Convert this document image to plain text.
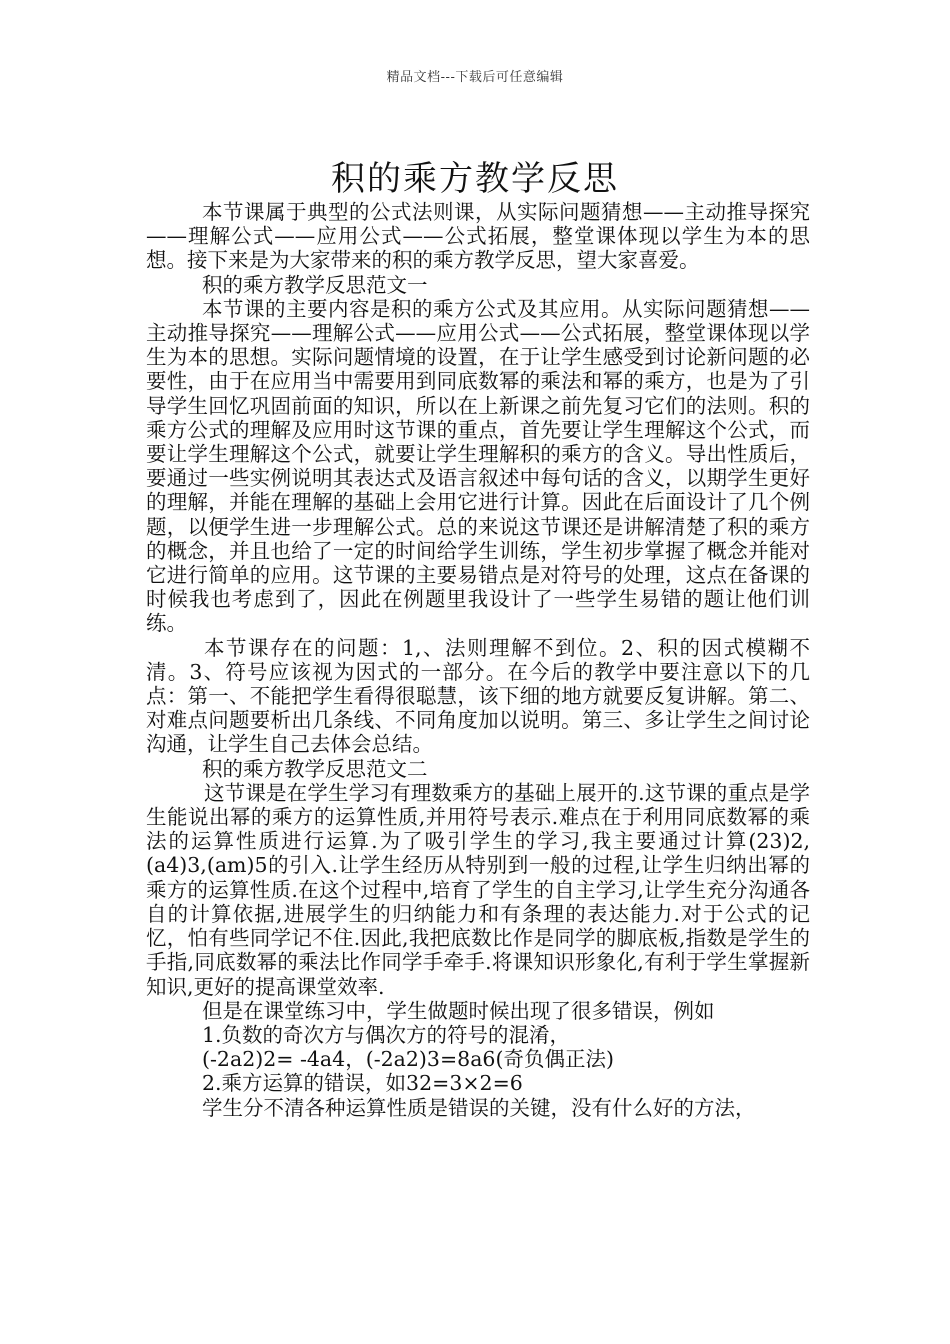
精品文档---下载后可任意编辑
积的乘方教学反思

本节课属于典型的公式法则课，从实际问题猜想——主动推导探究——理解公式——应用公式——公式拓展，整堂课体现以学生为本的思想。接下来是为大家带来的积的乘方教学反思，望大家喜爱。

积的乘方教学反思范文一

本节课的主要内容是积的乘方公式及其应用。从实际问题猜想——主动推导探究——理解公式——应用公式——公式拓展，整堂课体现以学生为本的思想。实际问题情境的设置，在于让学生感受到讨论新问题的必要性，由于在应用当中需要用到同底数幂的乘法和幂的乘方，也是为了引导学生回忆巩固前面的知识，所以在上新课之前先复习它们的法则。积的乘方公式的理解及应用时这节课的重点，首先要让学生理解这个公式，而要让学生理解这个公式，就要让学生理解积的乘方的含义。导出性质后，要通过一些实例说明其表达式及语言叙述中每句话的含义，以期学生更好的理解，并能在理解的基础上会用它进行计算。因此在后面设计了几个例题，以便学生进一步理解公式。总的来说这节课还是讲解清楚了积的乘方的概念，并且也给了一定的时间给学生训练，学生初步掌握了概念并能对它进行简单的应用。这节课的主要易错点是对符号的处理，这点在备课的时候我也考虑到了，因此在例题里我设计了一些学生易错的题让他们训练。

本节课存在的问题：1,、法则理解不到位。2、积的因式模糊不清。3、符号应该视为因式的一部分。在今后的教学中要注意以下的几点：第一、不能把学生看得很聪慧，该下细的地方就要反复讲解。第二、对难点问题要析出几条线、不同角度加以说明。第三、多让学生之间讨论沟通，让学生自己去体会总结。

积的乘方教学反思范文二

这节课是在学生学习有理数乘方的基础上展开的.这节课的重点是学生能说出幂的乘方的运算性质,并用符号表示.难点在于利用同底数幂的乘法的运算性质进行运算.为了吸引学生的学习,我主要通过计算(23)2,(a4)3,(am)5的引入.让学生经历从特别到一般的过程,让学生归纳出幂的乘方的运算性质.在这个过程中,培育了学生的自主学习,让学生充分沟通各自的计算依据,进展学生的归纳能力和有条理的表达能力.对于公式的记忆，怕有些同学记不住.因此,我把底数比作是同学的脚底板,指数是学生的手指,同底数幂的乘法比作同学手牵手.将课知识形象化,有利于学生掌握新知识,更好的提高课堂效率.

但是在课堂练习中，学生做题时候出现了很多错误，例如

1.负数的奇次方与偶次方的符号的混淆，

(-2a2)2= -4a4，(-2a2)3=8a6(奇负偶正法)

2.乘方运算的错误，如32=3×2=6

学生分不清各种运算性质是错误的关键，没有什么好的方法，
